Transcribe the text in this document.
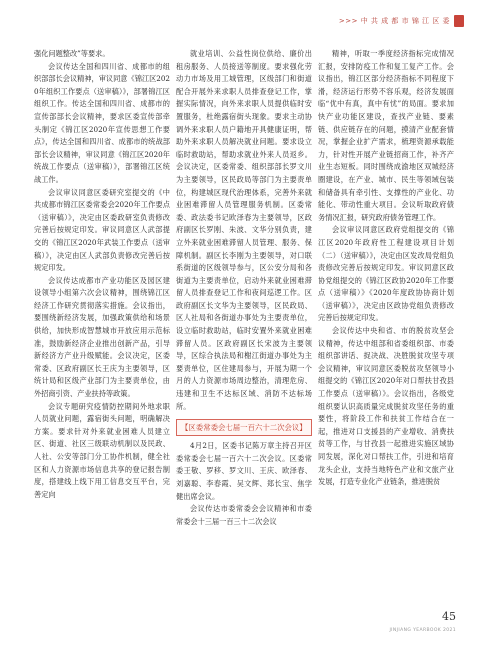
>>> 中 共 成 都 市 锦 江 区 委

强化问题整改”等要求。

会议传达全国和四川省、成都市的组织部部长会议精神，审议同意《锦江区2020年组织工作要点（送审稿）》，部署锦江区组织工作。传达全国和四川省、成都市的宣传部部长会议精神，要求区委宣传部牵头制定《锦江区2020年宣传思想工作要点》，传达全国和四川省、成都市的统战部部长会议精神，审议同意《锦江区2020年统战工作要点（送审稿）》，部署锦江区统战工作。

会议审议同意区委研究室提交的《中共成都市锦江区委常委会2020年工作要点（送审稿）》，决定由区委政研室负责修改完善后按规定印发。审议同意区人武部提交的《锦江区2020年武装工作要点（送审稿）》，决定由区人武部负责修改完善后按规定印发。

会议传达成都市产业功能区及园区建设领导小组第六次会议精神，围绕锦江区经济工作研究贯彻落实措施。会议指出，要围绕新经济发展，加强政策供给和场景供给，加快形成智慧城市开放应用示范标准，鼓励新经济企业推出创新产品，引导新经济方产业升级赋能。会议决定，区委常委、区政府副区长王庆为主要领导，区统计局和区级产业部门为主要责单位，由外招商引资、产业扶持等政策。

会议专题研究疫情防控期间外地求职人员就业问题，露宿街头问题，明确解决方案。要求针对外来就业困难人员建立区、街道、社区三级联动机制以及民政、人社、公安等部门分工协作机制，健全社区和人力资源市场信息共享的登记报告制度，搭建线上线下用工信息交互平台，完善定向

就业培训、公益性岗位供给、廉价出租房服务、人员接送等制度。要求强化劳动力市场及用工城管理，区级部门和街道配合开展外来求职人员排查登记工作，掌握实际情况，向外来求职人员提供临时安置服务，杜绝露宿街头现象。要求主动协调外来求职人员户籍地开具健康证明，帮助外来求职人员解决就业问题。要求设立临时救助站，帮助求就业外来人员返乡。会议决定，区委常委、组织部部长罗文川为主要领导，区民政局等部门为主要责单位，构建城区现代治理体系，完善外来就业困难滞留人员管理服务机制。区委常委、政法委书记欧泽春为主要领导，区政府副区长罗刚、朱波、文华分别负责，建立外来就业困难滞留人员管理、服务、保障机制。副区长李刚为主要领导，对口联系街道的区级领导参与，区公安分局和各街道为主要责单位，启动外来就业困难滞留人员排查登记工作和夜间巡逻工作。区政府副区长文华为主要领导，区民政局、区人社局和各街道办事处为主要责单位，设立临时救助站，临时安置外来就业困难滞留人员。区政府副区长宋波为主要领导，区综合执法局和榭江街道办事处为主要责单位，区住建局参与，开展为期一个月的人力资源市场周边整治，清理危房、违建和卫生不达标区域、消防不达标场所。

【区委常委会七届一百六十二次会议】

4月2日，区委书记陈万章主持召开区委常委会七届一百六十二次会议。区委常委王敬、罗移、罗文川、王庆、欧泽春、刘嘉聪、李春霞、吴文辉、郑长宝、焦学健出席会议。

会议传达市委常委会会议精神和市委常委会十三届一百三十二次会议

精神，听取一季度经济指标完成情况汇报，安排防疫工作和复工复产工作。会议指出，锦江区部分经济指标不同程度下滑，经济运行形势不容乐观，经济发展面临“优中有真，真中有忧”的局面。要求加快产业功能区建设，查找产业链、要素链、供应链存在的问题，摸清产业配套情况，掌握企业扩产需求，梳理资源承载能力，针对性开展产业链招商工作，补齐产业生态短板。同时围绕成渝地区双城经济圈建设，在产业、城市、民生等领域包装和储备具有牵引性、支撑性的产业化、功能化、带动性重大项目。会议听取政府债务情况汇报，研究政府债务管理工作。

会议审议同意区政府党组提交的《锦江区2020年政府性工程建设项目计划（二）（送审稿）》，决定由区发改局党组负责修改完善后按规定印发。审议同意区政协党组提交的《锦江区政协2020年工作要点（送审稿）》《2020年度政协协商计划（送审稿）》，决定由区政协党组负责修改完善后按规定印发。

会议传达中央和省、市的脱贫攻坚会议精神，传达中组部和省委组织部、市委组织部讲话、捉决战、决胜脱贫攻坚专项会议精神，审议同意区委脱贫攻坚领导小组提交的《锦江区2020年对口帮扶甘孜县工作要点（送审稿）》。会议指出，各级党组织要认识高质量完成脱贫攻坚任务的重要性，将阶段工作和扶贫工作结合在一起，推进对口支援县的产业增收、消费扶贫等工作，与甘孜县一起推进实施区域协同发展，深化对口帮扶工作，引进和培育龙头企业，支持当地特色产业和文旅产业发展，打造专业化产业链条，推进脱贫

45
JINJIANG YEARBOOK 2021
